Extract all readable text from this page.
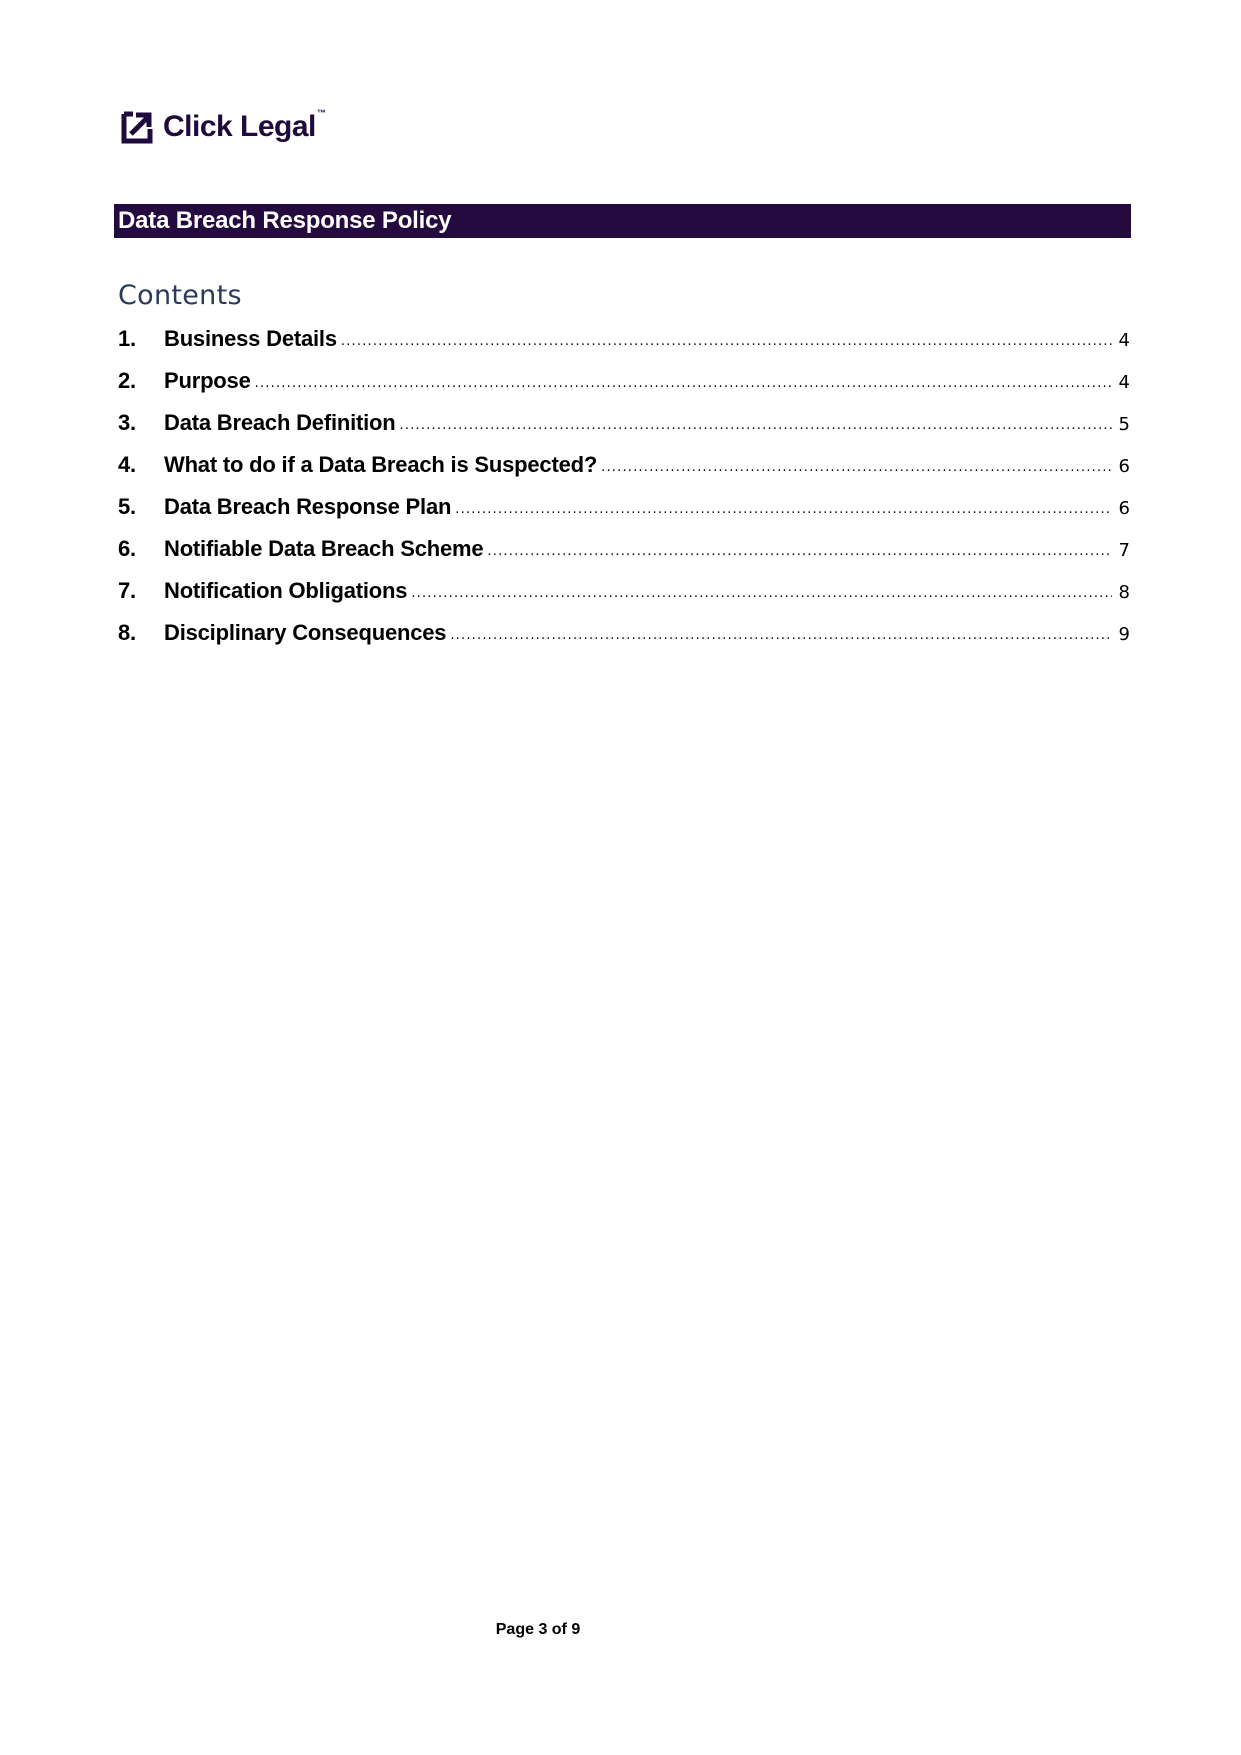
Click Legal™
Data Breach Response Policy
Contents
1.	Business Details .....	4
2.	Purpose .....	4
3.	Data Breach Definition .....	5
4.	What to do if a Data Breach is Suspected? .....	6
5.	Data Breach Response Plan .....	6
6.	Notifiable Data Breach Scheme .....	7
7.	Notification Obligations .....	8
8.	Disciplinary Consequences .....	9
Page 3 of 9
